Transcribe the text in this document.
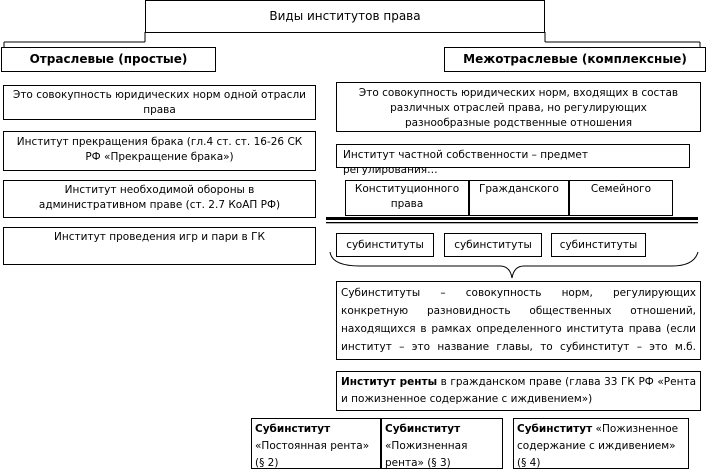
Виды институтов права
Отраслевые (простые)
Это совокупность юридических норм одной отрасли права
Институт прекращения брака (гл.4 ст. ст. 16-26 СК РФ «Прекращение брака»)
Институт необходимой обороны в административном праве (ст. 2.7 КоАП РФ)
Институт проведения игр и пари в ГК
Межотраслевые (комплексные)
Это совокупность юридических норм, входящих в состав различных отраслей права, но регулирующих разнообразные родственные отношения
Институт частной собственности – предмет регулирования…
Конституционного права
Гражданского	Семейного
субинституты	субинституты	субинституты
Субинституты – совокупность норм, регулирующих конкретную разновидность общественных отношений, находящихся в рамках определенного института права (если институт – это название главы, то субинститут – это м.б.
Институт ренты в гражданском праве (глава 33 ГК РФ «Рента и пожизненное содержание с иждивением»)
Субинститут «Постоянная рента» (§ 2)
Субинститут «Пожизненная рента» (§ 3)
Субинститут «Пожизненное содержание с иждивением» (§ 4)
